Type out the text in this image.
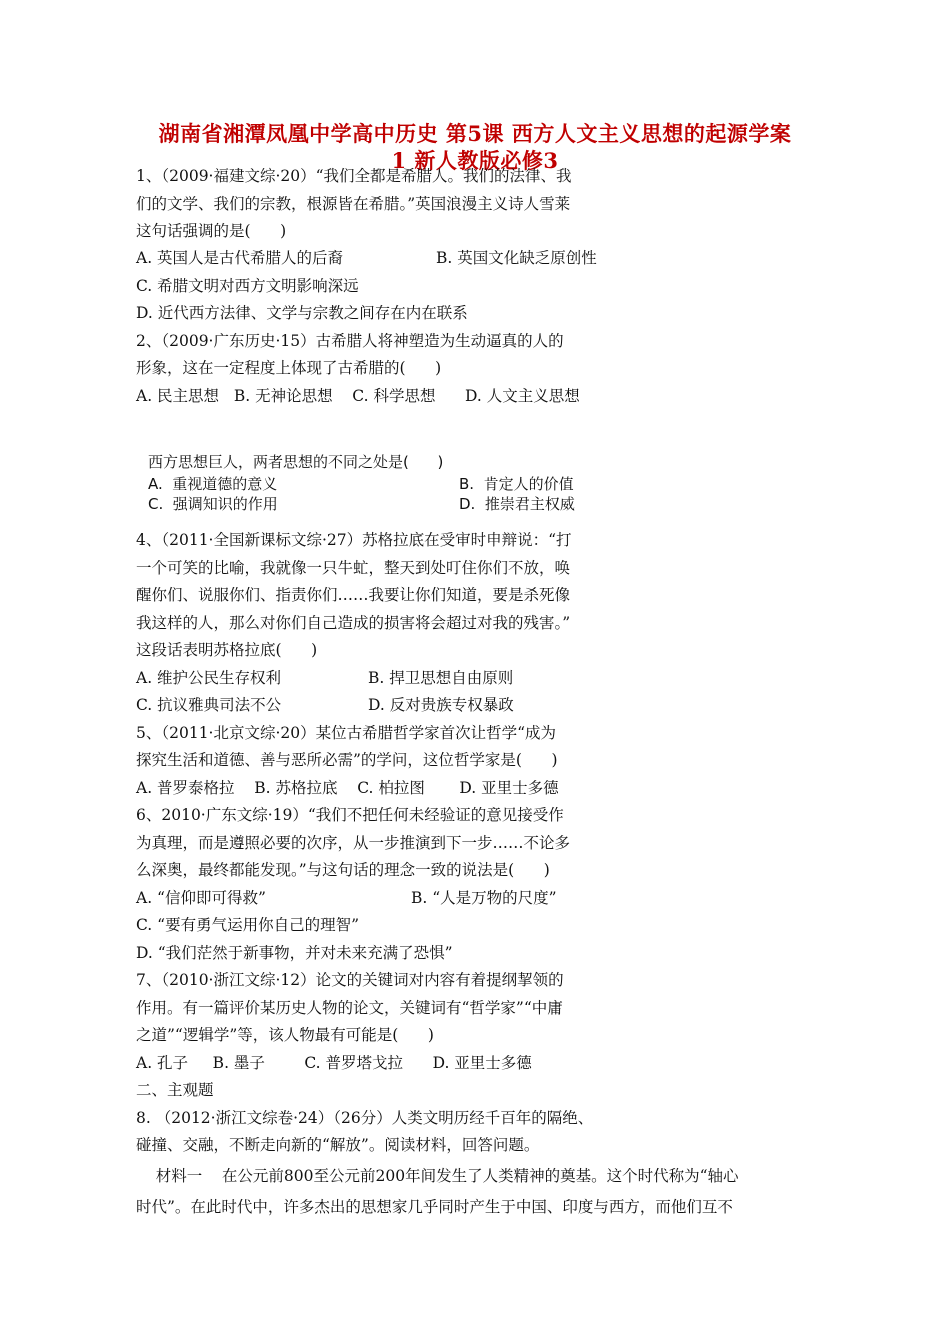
湖南省湘潭凤凰中学高中历史 第5课 西方人文主义思想的起源学案
1 新人教版必修3
1、（2009·福建文综·20）“我们全都是希腊人。我们的法律、我
们的文学、我们的宗教，根源皆在希腊。”英国浪漫主义诗人雪莱
这句话强调的是(      )
A. 英国人是古代希腊人的后裔	B. 英国文化缺乏原创性
C. 希腊文明对西方文明影响深远
D. 近代西方法律、文学与宗教之间存在内在联系
2、（2009·广东历史·15）古希腊人将神塑造为生动逼真的人的
形象，这在一定程度上体现了古希腊的(      )
A. 民主思想   B. 无神论思想    C. 科学思想      D. 人文主义思想
西方思想巨人，两者思想的不同之处是(      )
A.  重视道德的意义	B.  肯定人的价值
C.  强调知识的作用	D.  推崇君主权威
4、（2011·全国新课标文综·27）苏格拉底在受审时申辩说：“打
一个可笑的比喻，我就像一只牛虻，整天到处叮住你们不放，唤
醒你们、说服你们、指责你们……我要让你们知道，要是杀死像
我这样的人，那么对你们自己造成的损害将会超过对我的残害。”
这段话表明苏格拉底(      )
A. 维护公民生存权利	B. 捍卫思想自由原则
C. 抗议雅典司法不公	D. 反对贵族专权暴政
5、（2011·北京文综·20）某位古希腊哲学家首次让哲学“成为
探究生活和道德、善与恶所必需”的学问，这位哲学家是(      )
A. 普罗泰格拉    B. 苏格拉底    C. 柏拉图       D. 亚里士多德
6、2010·广东文综·19）“我们不把任何未经验证的意见接受作
为真理，而是遵照必要的次序，从一步推演到下一步……不论多
么深奥，最终都能发现。”与这句话的理念一致的说法是(      )
A. “信仰即可得救”	B. “人是万物的尺度”
C. “要有勇气运用你自己的理智”
D. “我们茫然于新事物，并对未来充满了恐惧”
7、（2010·浙江文综·12）论文的关键词对内容有着提纲挈领的
作用。有一篇评价某历史人物的论文，关键词有“哲学家”“中庸
之道”“逻辑学”等，该人物最有可能是(      )
A. 孔子     B. 墨子        C. 普罗塔戈拉      D. 亚里士多德
二、主观题
8. （2012·浙江文综卷·24）（26分）人类文明历经千百年的隔绝、
碰撞、交融，不断走向新的“解放”。阅读材料，回答问题。
材料一    在公元前800至公元前200年间发生了人类精神的奠基。这个时代称为“轴心
时代”。在此时代中，许多杰出的思想家几乎同时产生于中国、印度与西方，而他们互不
